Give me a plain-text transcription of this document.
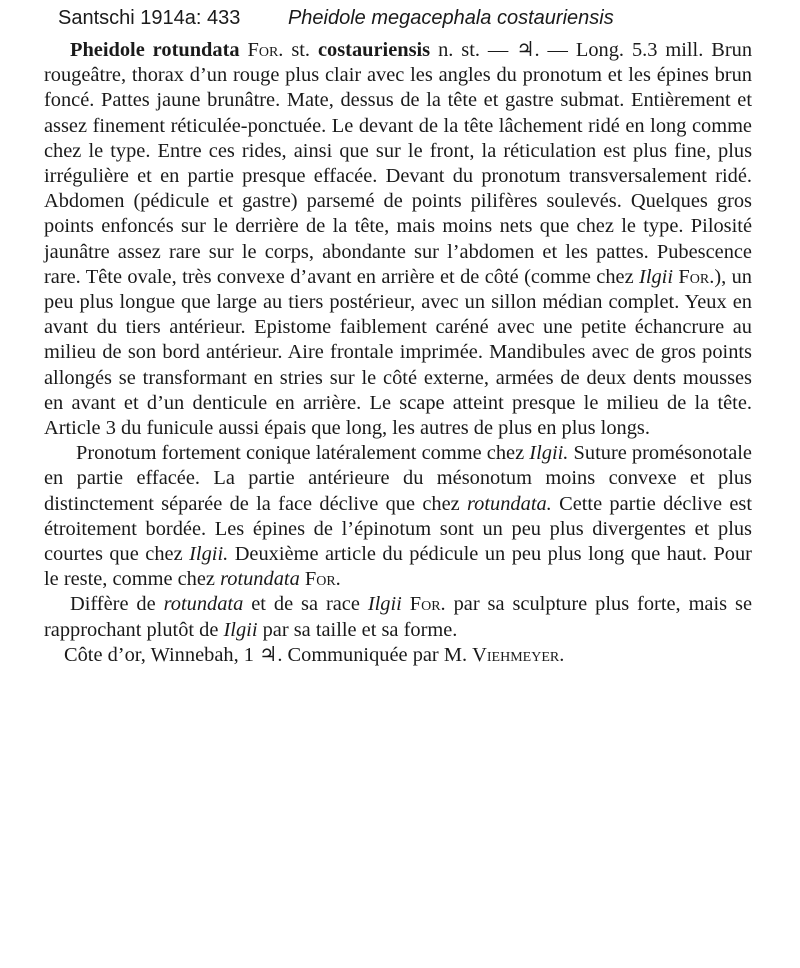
Santschi 1914a: 433 Pheidole megacephala costauriensis

Pheidole rotundata For. st. costauriensis n. st. — ♃. — Long. 5.3 mill. Brun rougeâtre, thorax d’un rouge plus clair avec les angles du pronotum et les épines brun foncé. Pattes jaune brunâtre. Mate, dessus de la tête et gastre submat. Entièrement et assez finement réticulée-ponctuée. Le devant de la tête lâchement ridé en long comme chez le type. Entre ces rides, ainsi que sur le front, la réticulation est plus fine, plus irrégulière et en partie presque effacée. Devant du pronotum transversalement ridé. Abdomen (pédicule et gastre) parsemé de points pilifères soulevés. Quelques gros points enfoncés sur le derrière de la tête, mais moins nets que chez le type. Pilosité jaunâtre assez rare sur le corps, abondante sur l’abdomen et les pattes. Pubescence rare. Tête ovale, très convexe d’avant en arrière et de côté (comme chez Ilgii For.), un peu plus longue que large au tiers postérieur, avec un sillon médian complet. Yeux en avant du tiers antérieur. Epistome faiblement caréné avec une petite échancrure au milieu de son bord antérieur. Aire frontale imprimée. Mandibules avec de gros points allongés se transformant en stries sur le côté externe, armées de deux dents mousses en avant et d’un denticule en arrière. Le scape atteint presque le milieu de la tête. Article 3 du funicule aussi épais que long, les autres de plus en plus longs.

Pronotum fortement conique latéralement comme chez Ilgii. Suture promésonotale en partie effacée. La partie antérieure du mésonotum moins convexe et plus distinctement séparée de la face déclive que chez rotundata. Cette partie déclive est étroitement bordée. Les épines de l’épinotum sont un peu plus divergentes et plus courtes que chez Ilgii. Deuxième article du pédicule un peu plus long que haut. Pour le reste, comme chez rotundata For.

Diffère de rotundata et de sa race Ilgii For. par sa sculpture plus forte, mais se rapprochant plutôt de Ilgii par sa taille et sa forme.

Côte d’or, Winnebah, 1 ♃. Communiquée par M. Viehmeyer.
